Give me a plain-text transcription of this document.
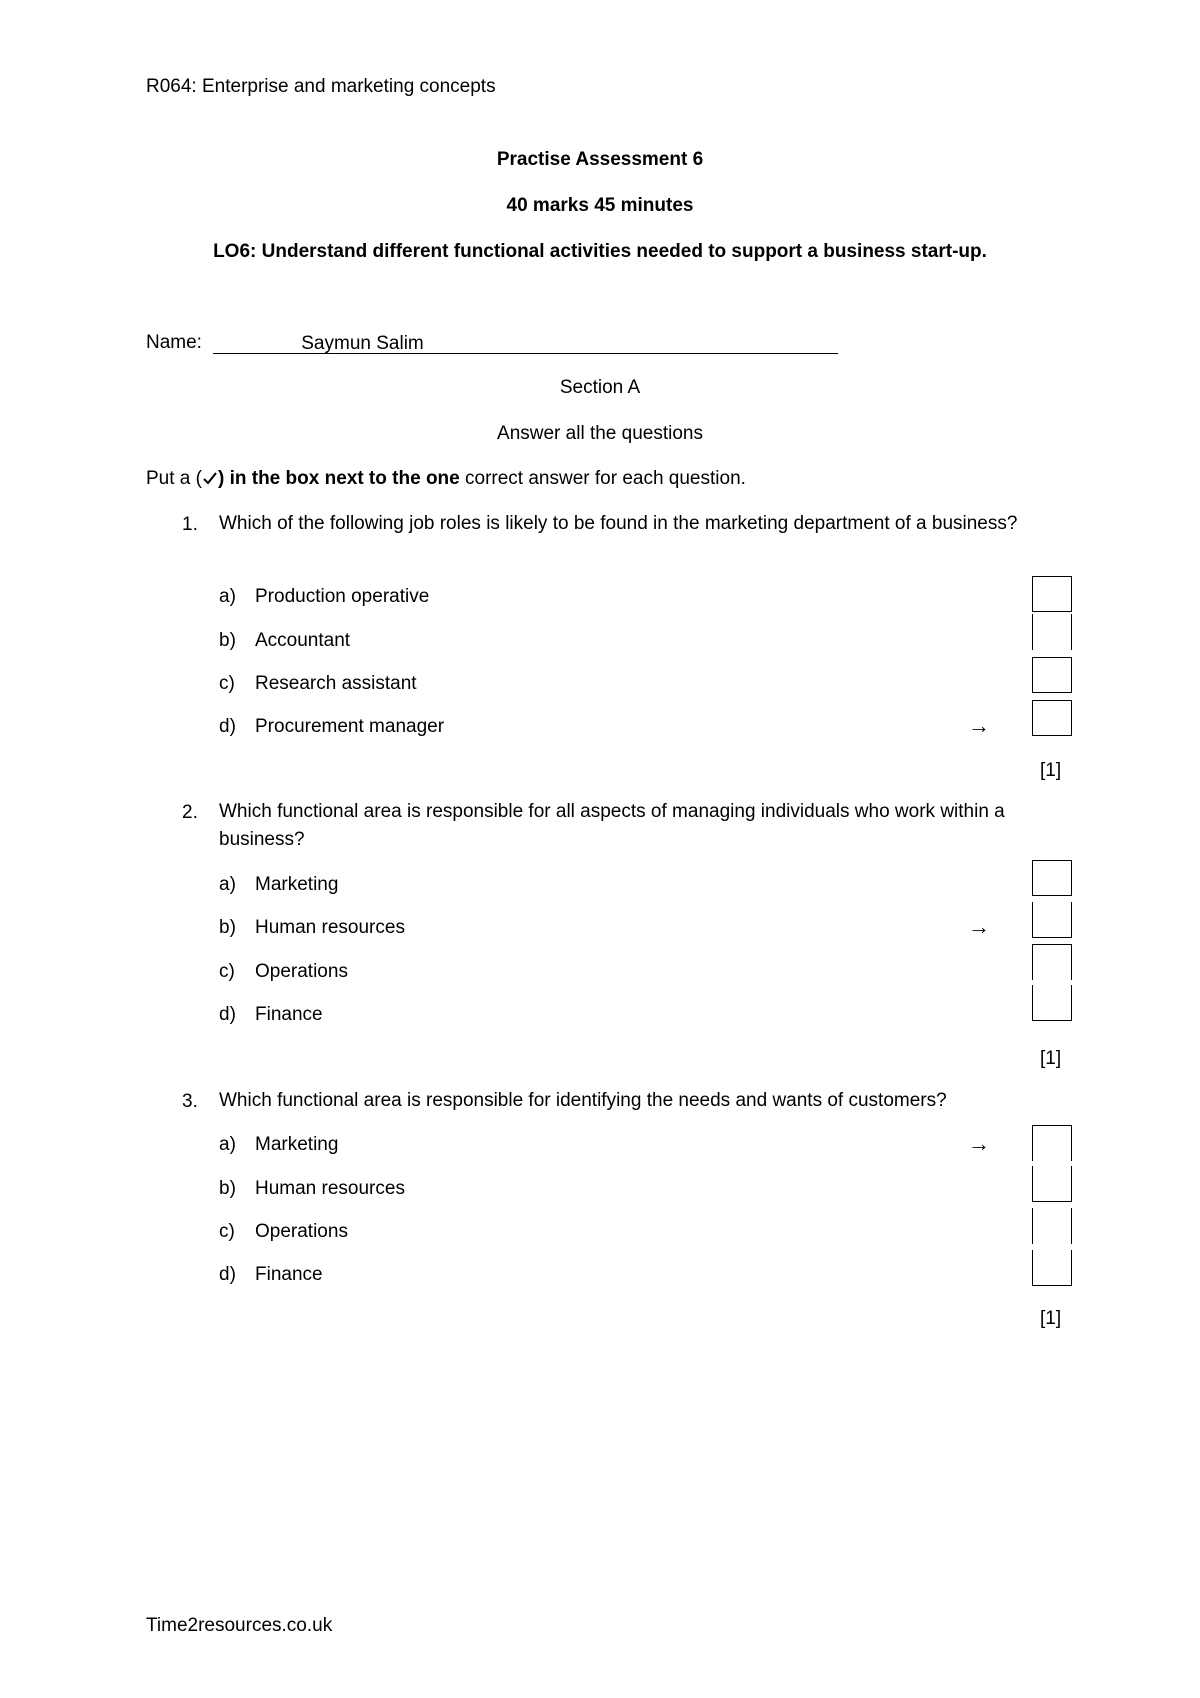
R064: Enterprise and marketing concepts
Practise Assessment 6
40 marks 45 minutes
LO6: Understand different functional activities needed to support a business start-up.
Name:	Saymun Salim
Section A
Answer all the questions
Put a ( ) in the box next to the one correct answer for each question.
1. Which of the following job roles is likely to be found in the marketing department of a business?
a) Production operative
b) Accountant
c) Research assistant
d) Procurement manager	→
[1]
2. Which functional area is responsible for all aspects of managing individuals who work within a business?
a) Marketing
b) Human resources	→
c) Operations
d) Finance
[1]
3. Which functional area is responsible for identifying the needs and wants of customers?
a) Marketing	→
b) Human resources
c) Operations
d) Finance
[1]
Time2resources.co.uk
